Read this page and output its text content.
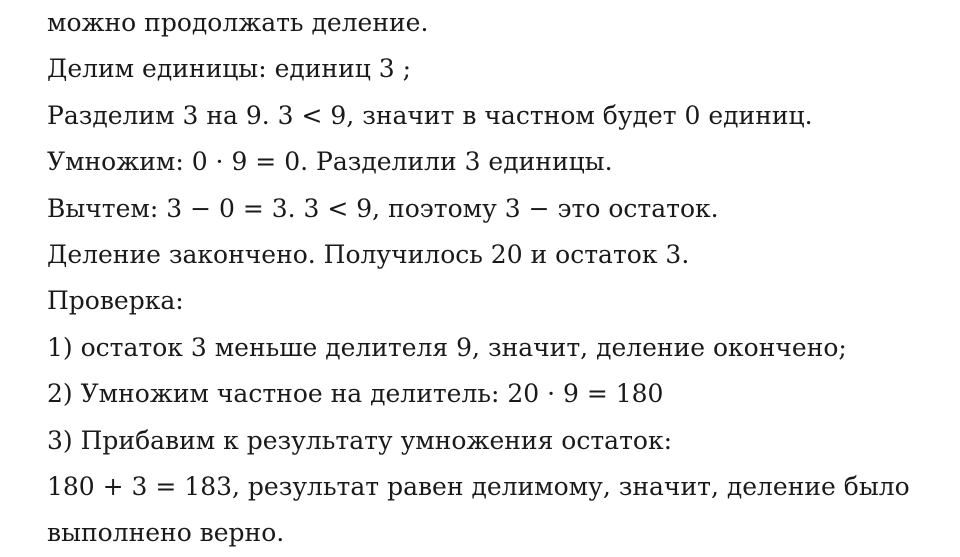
можно продолжать деление.
Делим единицы: единиц 3 ;
Разделим 3 на 9. 3 < 9, значит в частном будет 0 единиц.
Умножим: 0 · 9 = 0. Разделили 3 единицы.
Вычтем: 3 − 0 = 3. 3 < 9, поэтому 3 − это остаток.
Деление закончено. Получилось 20 и остаток 3.
Проверка:
1) остаток 3 меньше делителя 9, значит, деление окончено;
2) Умножим частное на делитель: 20 · 9 = 180
3) Прибавим к результату умножения остаток:
180 + 3 = 183, результат равен делимому, значит, деление было
выполнено верно.
